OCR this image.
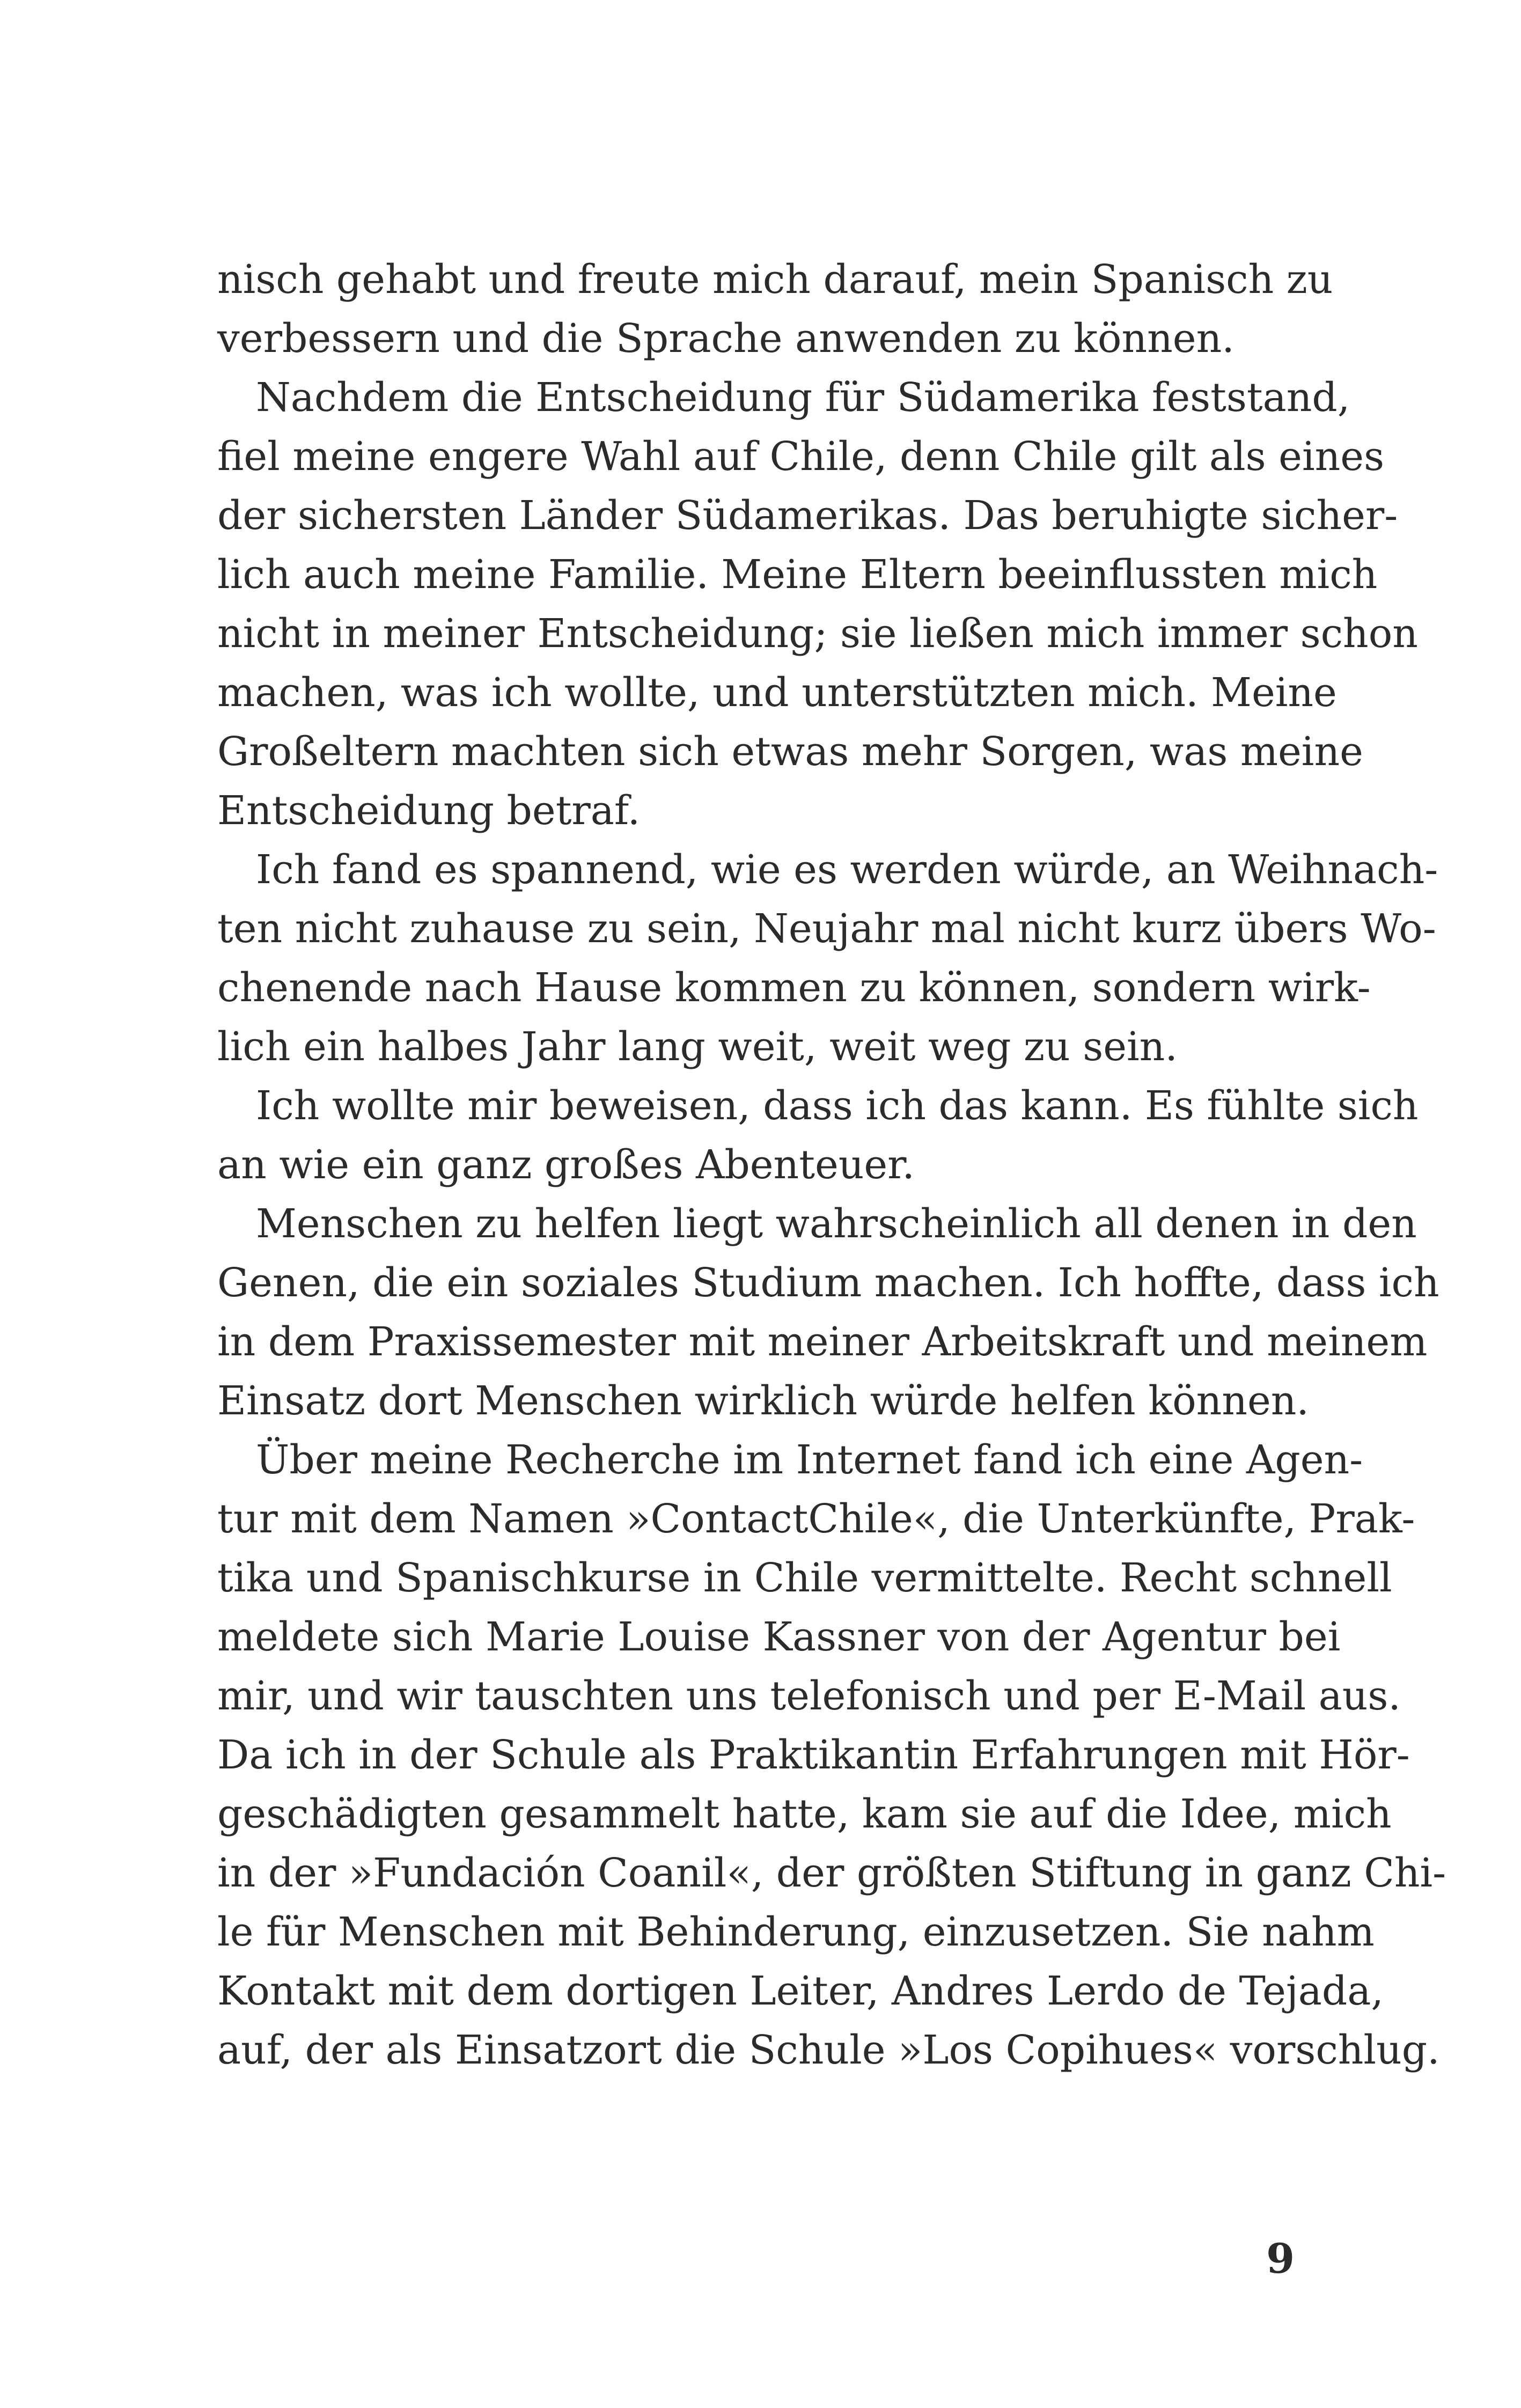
nisch gehabt und freute mich darauf, mein Spanisch zu
verbessern und die Sprache anwenden zu können.
Nachdem die Entscheidung für Südamerika feststand,
fiel meine engere Wahl auf Chile, denn Chile gilt als eines
der sichersten Länder Südamerikas. Das beruhigte sicher-
lich auch meine Familie. Meine Eltern beeinflussten mich
nicht in meiner Entscheidung; sie ließen mich immer schon
machen, was ich wollte, und unterstützten mich. Meine
Großeltern machten sich etwas mehr Sorgen, was meine
Entscheidung betraf.
Ich fand es spannend, wie es werden würde, an Weihnach-
ten nicht zuhause zu sein, Neujahr mal nicht kurz übers Wo-
chenende nach Hause kommen zu können, sondern wirk-
lich ein halbes Jahr lang weit, weit weg zu sein.
Ich wollte mir beweisen, dass ich das kann. Es fühlte sich
an wie ein ganz großes Abenteuer.
Menschen zu helfen liegt wahrscheinlich all denen in den
Genen, die ein soziales Studium machen. Ich hoffte, dass ich
in dem Praxissemester mit meiner Arbeitskraft und meinem
Einsatz dort Menschen wirklich würde helfen können.
Über meine Recherche im Internet fand ich eine Agen-
tur mit dem Namen »ContactChile«, die Unterkünfte, Prak-
tika und Spanischkurse in Chile vermittelte. Recht schnell
meldete sich Marie Louise Kassner von der Agentur bei
mir, und wir tauschten uns telefonisch und per E-Mail aus.
Da ich in der Schule als Praktikantin Erfahrungen mit Hör-
geschädigten gesammelt hatte, kam sie auf die Idee, mich
in der »Fundación Coanil«, der größten Stiftung in ganz Chi-
le für Menschen mit Behinderung, einzusetzen. Sie nahm
Kontakt mit dem dortigen Leiter, Andres Lerdo de Tejada,
auf, der als Einsatzort die Schule »Los Copihues« vorschlug.
9
